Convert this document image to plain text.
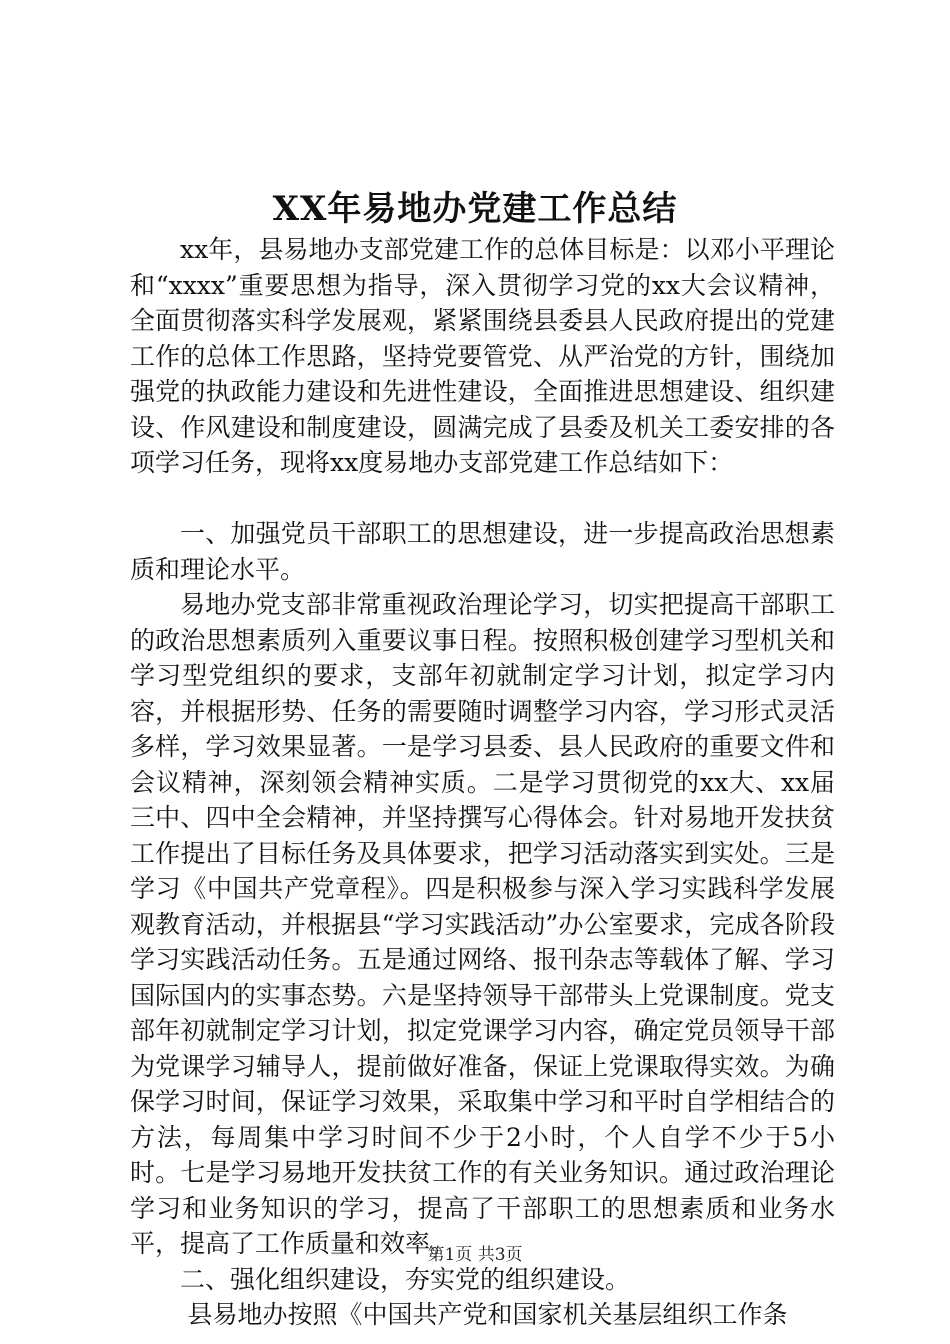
XX年易地办党建工作总结

xx年，县易地办支部党建工作的总体目标是：以邓小平理论和“xxxx”重要思想为指导，深入贯彻学习党的xx大会议精神，全面贯彻落实科学发展观，紧紧围绕县委县人民政府提出的党建工作的总体工作思路，坚持党要管党、从严治党的方针，围绕加强党的执政能力建设和先进性建设，全面推进思想建设、组织建设、作风建设和制度建设，圆满完成了县委及机关工委安排的各项学习任务，现将xx度易地办支部党建工作总结如下：

一、加强党员干部职工的思想建设，进一步提高政治思想素质和理论水平。

易地办党支部非常重视政治理论学习，切实把提高干部职工的政治思想素质列入重要议事日程。按照积极创建学习型机关和学习型党组织的要求，支部年初就制定学习计划，拟定学习内容，并根据形势、任务的需要随时调整学习内容，学习形式灵活多样，学习效果显著。一是学习县委、县人民政府的重要文件和会议精神，深刻领会精神实质。二是学习贯彻党的xx大、xx届三中、四中全会精神，并坚持撰写心得体会。针对易地开发扶贫工作提出了目标任务及具体要求，把学习活动落实到实处。三是学习《中国共产党章程》。四是积极参与深入学习实践科学发展观教育活动，并根据县“学习实践活动”办公室要求，完成各阶段学习实践活动任务。五是通过网络、报刊杂志等载体了解、学习国际国内的实事态势。六是坚持领导干部带头上党课制度。党支部年初就制定学习计划，拟定党课学习内容，确定党员领导干部为党课学习辅导人，提前做好准备，保证上党课取得实效。为确保学习时间，保证学习效果，采取集中学习和平时自学相结合的方法，每周集中学习时间不少于2小时，个人自学不少于5小时。七是学习易地开发扶贫工作的有关业务知识。通过政治理论学习和业务知识的学习，提高了干部职工的思想素质和业务水平，提高了工作质量和效率。

二、强化组织建设，夯实党的组织建设。

县易地办按照《中国共产党和国家机关基层组织工作条

第1页 共3页
